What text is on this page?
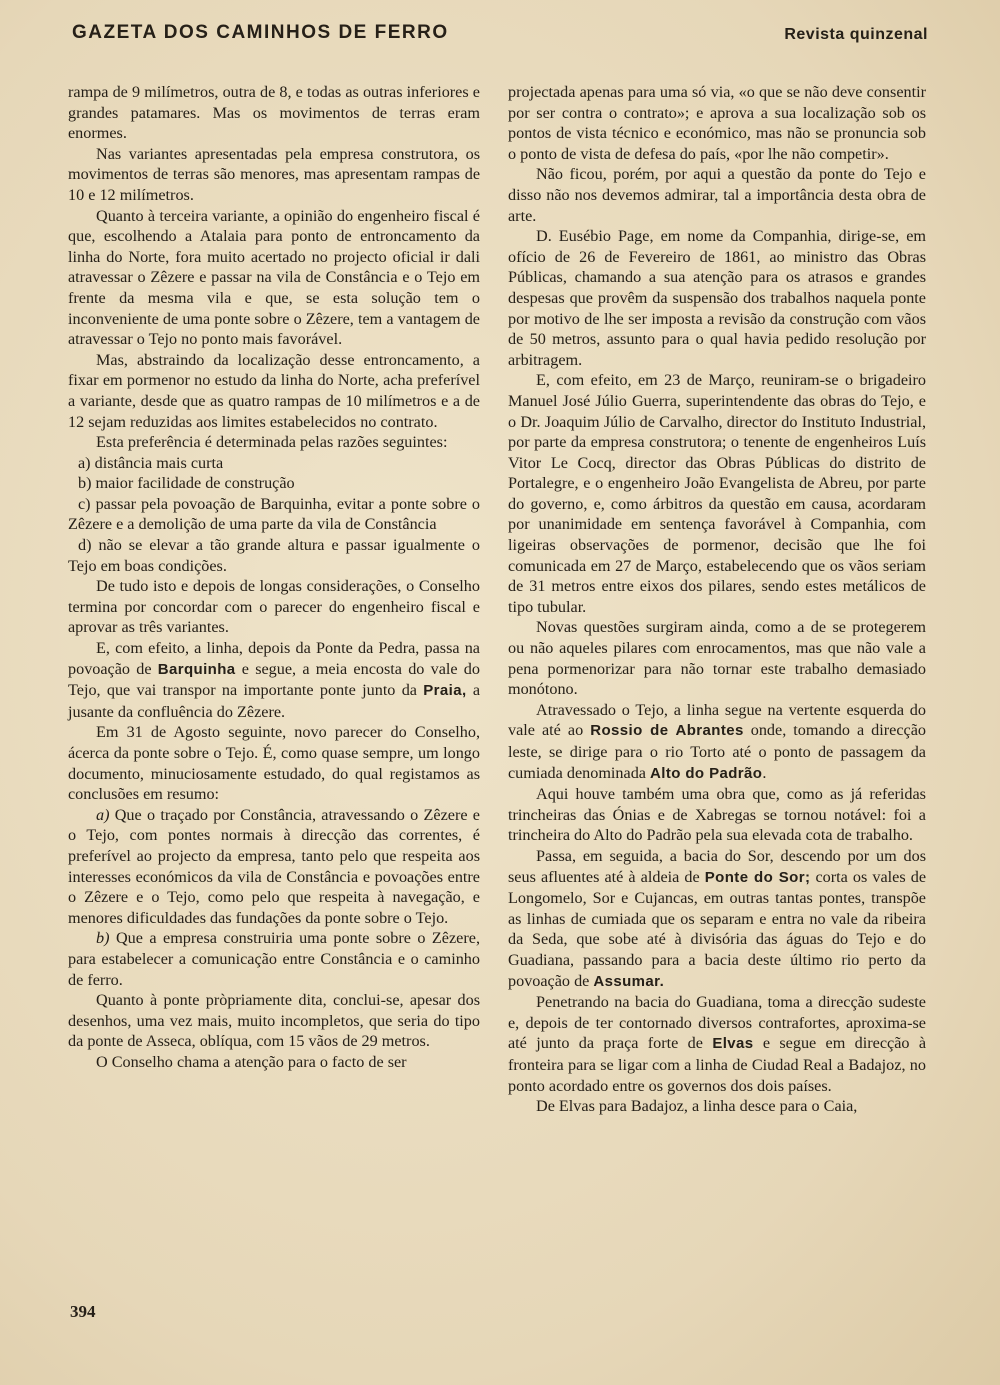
GAZETA DOS CAMINHOS DE FERRO	Revista quinzenal

rampa de 9 milímetros, outra de 8, e todas as outras inferiores e grandes patamares. Mas os movimentos de terras eram enormes.

Nas variantes apresentadas pela empresa construtora, os movimentos de terras são menores, mas apresentam rampas de 10 e 12 milímetros.

Quanto à terceira variante, a opinião do engenheiro fiscal é que, escolhendo a Atalaia para ponto de entroncamento da linha do Norte, fora muito acertado no projecto oficial ir dali atravessar o Zêzere e passar na vila de Constância e o Tejo em frente da mesma vila e que, se esta solução tem o inconveniente de uma ponte sobre o Zêzere, tem a vantagem de atravessar o Tejo no ponto mais favorável.

Mas, abstraindo da localização desse entroncamento, a fixar em pormenor no estudo da linha do Norte, acha preferível a variante, desde que as quatro rampas de 10 milímetros e a de 12 sejam reduzidas aos limites estabelecidos no contrato.

Esta preferência é determinada pelas razões seguintes:

a) distância mais curta

b) maior facilidade de construção

c) passar pela povoação de Barquinha, evitar a ponte sobre o Zêzere e a demolição de uma parte da vila de Constância

d) não se elevar a tão grande altura e passar igualmente o Tejo em boas condições.

De tudo isto e depois de longas considerações, o Conselho termina por concordar com o parecer do engenheiro fiscal e aprovar as três variantes.

E, com efeito, a linha, depois da Ponte da Pedra, passa na povoação de Barquinha e segue, a meia encosta do vale do Tejo, que vai transpor na importante ponte junto da Praia, a jusante da confluência do Zêzere.

Em 31 de Agosto seguinte, novo parecer do Conselho, ácerca da ponte sobre o Tejo. É, como quase sempre, um longo documento, minuciosamente estudado, do qual registamos as conclusões em resumo:

a) Que o traçado por Constância, atravessando o Zêzere e o Tejo, com pontes normais à direcção das correntes, é preferível ao projecto da empresa, tanto pelo que respeita aos interesses económicos da vila de Constância e povoações entre o Zêzere e o Tejo, como pelo que respeita à navegação, e menores dificuldades das fundações da ponte sobre o Tejo.

b) Que a empresa construiria uma ponte sobre o Zêzere, para estabelecer a comunicação entre Constância e o caminho de ferro.

Quanto à ponte pròpriamente dita, conclui-se, apesar dos desenhos, uma vez mais, muito incompletos, que seria do tipo da ponte de Asseca, oblíqua, com 15 vãos de 29 metros.

O Conselho chama a atenção para o facto de ser

projectada apenas para uma só via, «o que se não deve consentir por ser contra o contrato»; e aprova a sua localização sob os pontos de vista técnico e económico, mas não se pronuncia sob o ponto de vista de defesa do país, «por lhe não competir».

Não ficou, porém, por aqui a questão da ponte do Tejo e disso não nos devemos admirar, tal a importância desta obra de arte.

D. Eusébio Page, em nome da Companhia, dirige-se, em ofício de 26 de Fevereiro de 1861, ao ministro das Obras Públicas, chamando a sua atenção para os atrasos e grandes despesas que provêm da suspensão dos trabalhos naquela ponte por motivo de lhe ser imposta a revisão da construção com vãos de 50 metros, assunto para o qual havia pedido resolução por arbitragem.

E, com efeito, em 23 de Março, reuniram-se o brigadeiro Manuel José Júlio Guerra, superintendente das obras do Tejo, e o Dr. Joaquim Júlio de Carvalho, director do Instituto Industrial, por parte da empresa construtora; o tenente de engenheiros Luís Vitor Le Cocq, director das Obras Públicas do distrito de Portalegre, e o engenheiro João Evangelista de Abreu, por parte do governo, e, como árbitros da questão em causa, acordaram por unanimidade em sentença favorável à Companhia, com ligeiras observações de pormenor, decisão que lhe foi comunicada em 27 de Março, estabelecendo que os vãos seriam de 31 metros entre eixos dos pilares, sendo estes metálicos de tipo tubular.

Novas questões surgiram ainda, como a de se protegerem ou não aqueles pilares com enrocamentos, mas que não vale a pena pormenorizar para não tornar este trabalho demasiado monótono.

Atravessado o Tejo, a linha segue na vertente esquerda do vale até ao Rossio de Abrantes onde, tomando a direcção leste, se dirige para o rio Torto até o ponto de passagem da cumiada denominada Alto do Padrão.

Aqui houve também uma obra que, como as já referidas trincheiras das Ónias e de Xabregas se tornou notável: foi a trincheira do Alto do Padrão pela sua elevada cota de trabalho.

Passa, em seguida, a bacia do Sor, descendo por um dos seus afluentes até à aldeia de Ponte do Sor; corta os vales de Longomelo, Sor e Cujancas, em outras tantas pontes, transpõe as linhas de cumiada que os separam e entra no vale da ribeira da Seda, que sobe até à divisória das águas do Tejo e do Guadiana, passando para a bacia deste último rio perto da povoação de Assumar.

Penetrando na bacia do Guadiana, toma a direcção sudeste e, depois de ter contornado diversos contrafortes, aproxima-se até junto da praça forte de Elvas e segue em direcção à fronteira para se ligar com a linha de Ciudad Real a Badajoz, no ponto acordado entre os governos dos dois países.

De Elvas para Badajoz, a linha desce para o Caia,

394
